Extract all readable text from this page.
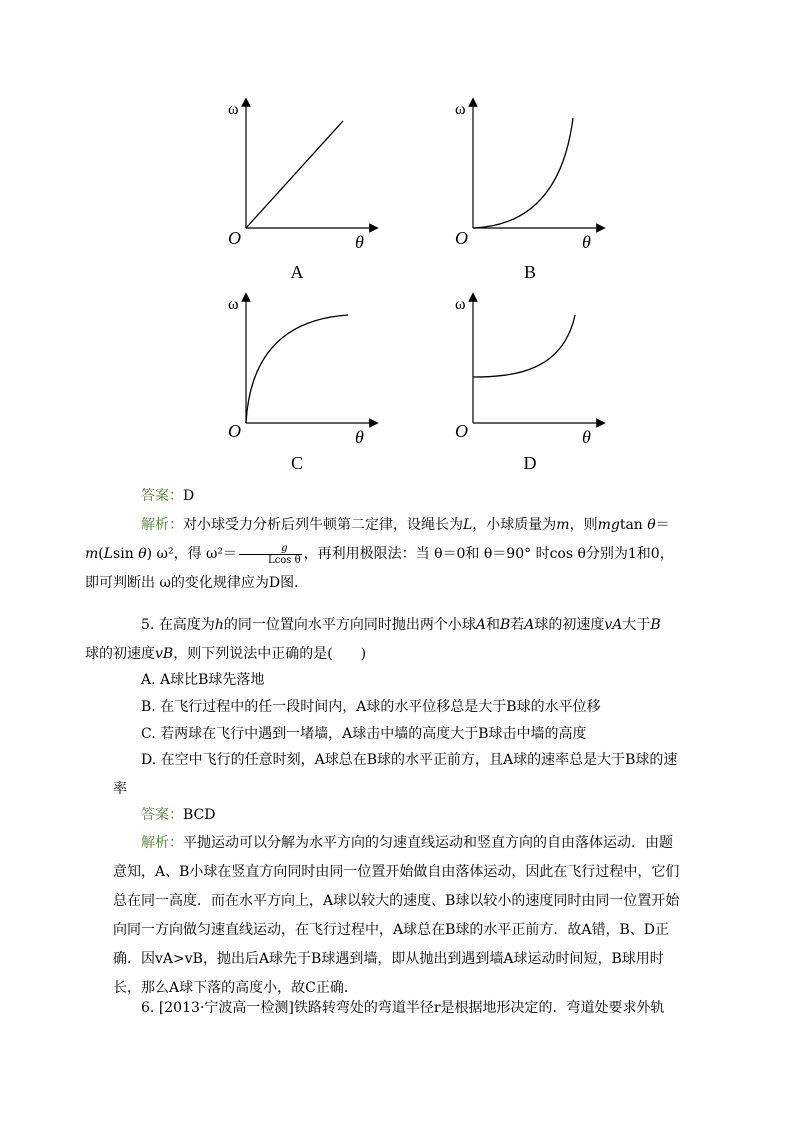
ω
O	θ
A
ω
O	θ
B
ω
O	θ
C
ω
O	θ
D

答案：D

解析：对小球受力分析后列牛顿第二定律，设绳长为L，小球质量为m，则mgtan θ＝
m(Lsin θ) ω²，得 $\omega^2= \frac{g}{\text{Lcos θ}}$ ，再利用极限法：当 θ＝0和 θ＝90° 时cos θ分别为1和0，
即可判断出 ω的变化规律应为D图．

5. 在高度为h的同一位置向水平方向同时抛出两个小球A和B若A球的初速度vA大于B
球的初速度vB，则下列说法中正确的是(　　)

A. A球比B球先落地

B. 在飞行过程中的任一段时间内，A球的水平位移总是大于B球的水平位移

C. 若两球在飞行中遇到一堵墙，A球击中墙的高度大于B球击中墙的高度

D. 在空中飞行的任意时刻，A球总在B球的水平正前方，且A球的速率总是大于B球的速率

答案：BCD

解析：平抛运动可以分解为水平方向的匀速直线运动和竖直方向的自由落体运动．由题意知，A、B小球在竖直方向同时由同一位置开始做自由落体运动，因此在飞行过程中，它们总在同一高度．而在水平方向上，A球以较大的速度、B球以较小的速度同时由同一位置开始向同一方向做匀速直线运动，在飞行过程中，A球总在B球的水平正前方．故A错，B、D正确．因vA>vB，抛出后A球先于B球遇到墙，即从抛出到遇到墙A球运动时间短，B球用时长，那么A球下落的高度小，故C正确．

6. [2013·宁波高一检测]铁路转弯处的弯道半径r是根据地形决定的．弯道处要求外轨
